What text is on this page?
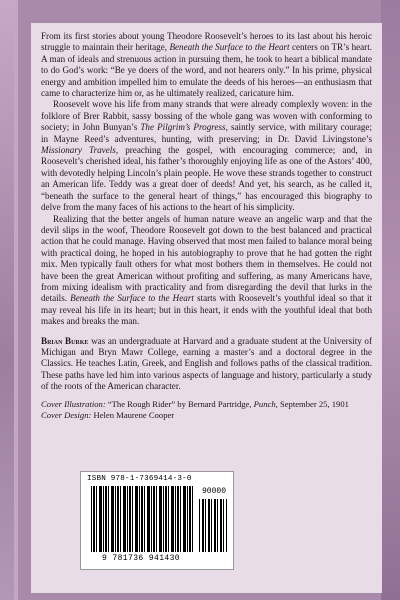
From its first stories about young Theodore Roosevelt’s heroes to its last about his heroic struggle to maintain their heritage, Beneath the Surface to the Heart centers on TR’s heart. A man of ideals and strenuous action in pursuing them, he took to heart a biblical mandate to do God’s work: “Be ye doers of the word, and not hearers only.” In his prime, physical energy and ambition impelled him to emulate the deeds of his heroes—an enthusiasm that came to characterize him or, as he ultimately realized, caricature him.

Roosevelt wove his life from many strands that were already complexly woven: in the folklore of Brer Rabbit, sassy bossing of the whole gang was woven with conforming to society; in John Bunyan’s The Pilgrim’s Progress, saintly service, with military courage; in Mayne Reed’s adventures, hunting, with preserving; in Dr. David Livingstone’s Missionary Travels, preaching the gospel, with encouraging commerce; and, in Roosevelt’s cherished ideal, his father’s thoroughly enjoying life as one of the Astors’ 400, with devotedly helping Lincoln’s plain people. He wove these strands together to construct an American life. Teddy was a great doer of deeds! And yet, his search, as he called it, “beneath the surface to the general heart of things,” has encouraged this biography to delve from the many faces of his actions to the heart of his simplicity.

Realizing that the better angels of human nature weave an angelic warp and that the devil slips in the woof, Theodore Roosevelt got down to the best balanced and practical action that he could manage. Having observed that most men failed to balance moral being with practical doing, he hoped in his autobiography to prove that he had gotten the right mix. Men typically fault others for what most bothers them in themselves. He could not have been the great American without profiting and suffering, as many Americans have, from mixing idealism with practicality and from disregarding the devil that lurks in the details. Beneath the Surface to the Heart starts with Roosevelt’s youthful ideal so that it may reveal his life in its heart; but in this heart, it ends with the youthful ideal that both makes and breaks the man.

Brian Burke was an undergraduate at Harvard and a graduate student at the University of Michigan and Bryn Mawr College, earning a master’s and a doctoral degree in the Classics. He teaches Latin, Greek, and English and follows paths of the classical tradition. These paths have led him into various aspects of language and history, particularly a study of the roots of the American character.

Cover Illustration: “The Rough Rider” by Bernard Partridge, Punch, September 25, 1901

Cover Design: Helen Maurene Cooper

ISBN 978-1-7369414-3-0
90000
9 781736 941430
